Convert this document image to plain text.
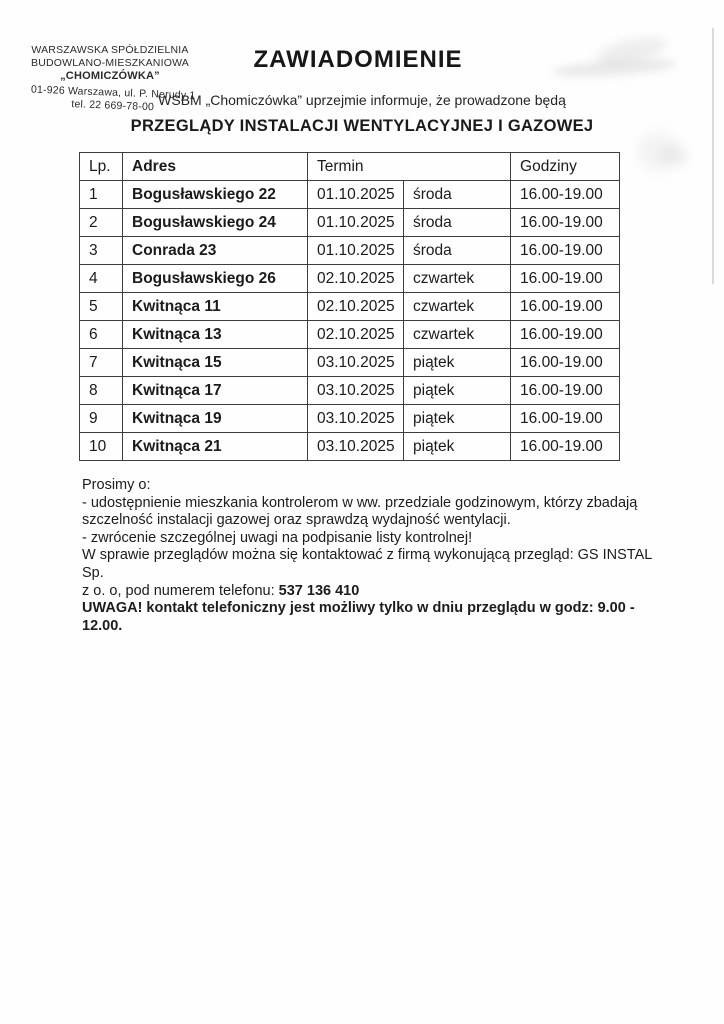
WARSZAWSKA SPÓŁDZIELNIA
BUDOWLANO-MIESZKANIOWA
„CHOMICZÓWKA”
01-926 Warszawa, ul. P. Nerudy 1
tel. 22 669-78-00
ZAWIADOMIENIE
WSBM „Chomiczówka” uprzejmie informuje, że prowadzone będą
PRZEGLĄDY INSTALACJI WENTYLACYJNEJ I GAZOWEJ
Lp.	Adres	Termin		Godziny
1	Bogusławskiego 22	01.10.2025	środa	16.00-19.00
2	Bogusławskiego 24	01.10.2025	środa	16.00-19.00
3	Conrada 23	01.10.2025	środa	16.00-19.00
4	Bogusławskiego 26	02.10.2025	czwartek	16.00-19.00
5	Kwitnąca 11	02.10.2025	czwartek	16.00-19.00
6	Kwitnąca 13	02.10.2025	czwartek	16.00-19.00
7	Kwitnąca 15	03.10.2025	piątek	16.00-19.00
8	Kwitnąca 17	03.10.2025	piątek	16.00-19.00
9	Kwitnąca 19	03.10.2025	piątek	16.00-19.00
10	Kwitnąca 21	03.10.2025	piątek	16.00-19.00
Prosimy o:
- udostępnienie mieszkania kontrolerom w ww. przedziale godzinowym, którzy zbadają
szczelność instalacji gazowej oraz sprawdzą wydajność wentylacji.
- zwrócenie szczególnej uwagi na podpisanie listy kontrolnej!
W sprawie przeglądów można się kontaktować z firmą wykonującą przegląd: GS INSTAL Sp.
z o. o, pod numerem telefonu: 537 136 410
UWAGA! kontakt telefoniczny jest możliwy tylko w dniu przeglądu w godz: 9.00 - 12.00.
